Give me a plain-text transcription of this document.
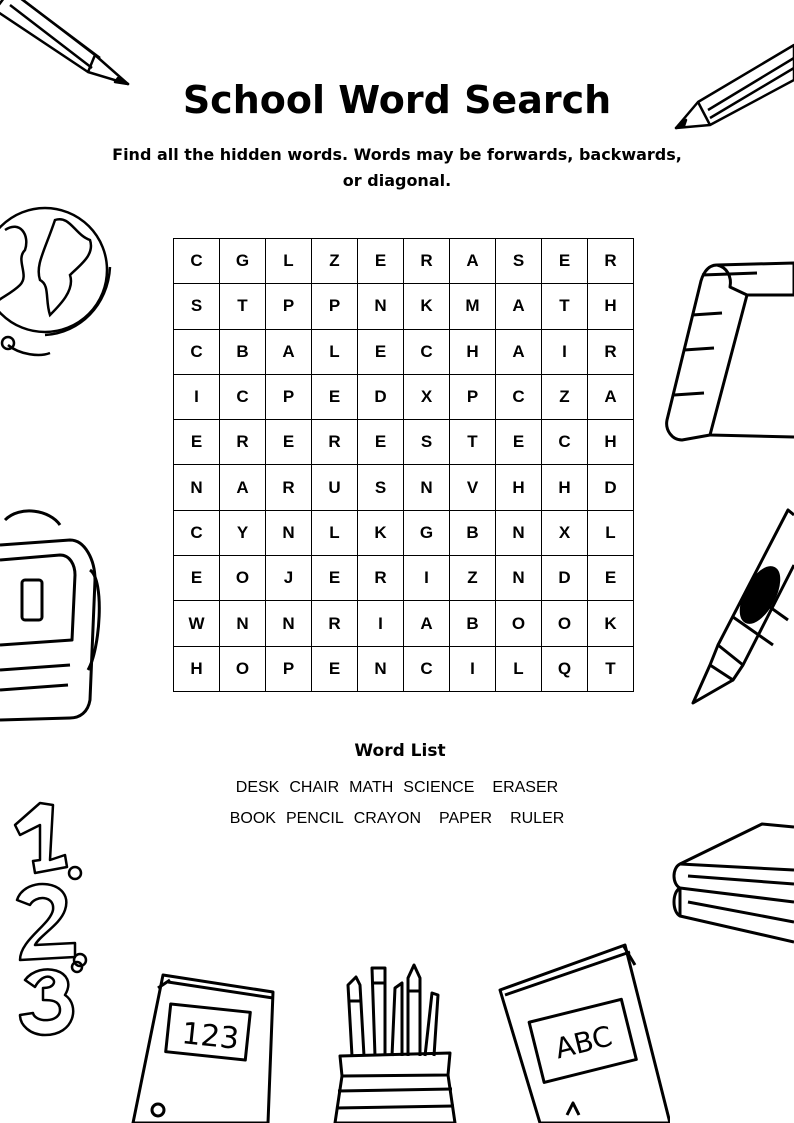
123	ABC
School Word Search
Find all the hidden words. Words may be forwards, backwards, or diagonal.
C	G	L	Z	E	R	A	S	E	R
S	T	P	P	N	K	M	A	T	H
C	B	A	L	E	C	H	A	I	R
I	C	P	E	D	X	P	C	Z	A
E	R	E	R	E	S	T	E	C	H
N	A	R	U	S	N	V	H	H	D
C	Y	N	L	K	G	B	N	X	L
E	O	J	E	R	I	Z	N	D	E
W	N	N	R	I	A	B	O	O	K
H	O	P	E	N	C	I	L	Q	T
Word List
DESK CHAIR MATH SCIENCE ERASER
BOOK PENCIL CRAYON PAPER RULER
